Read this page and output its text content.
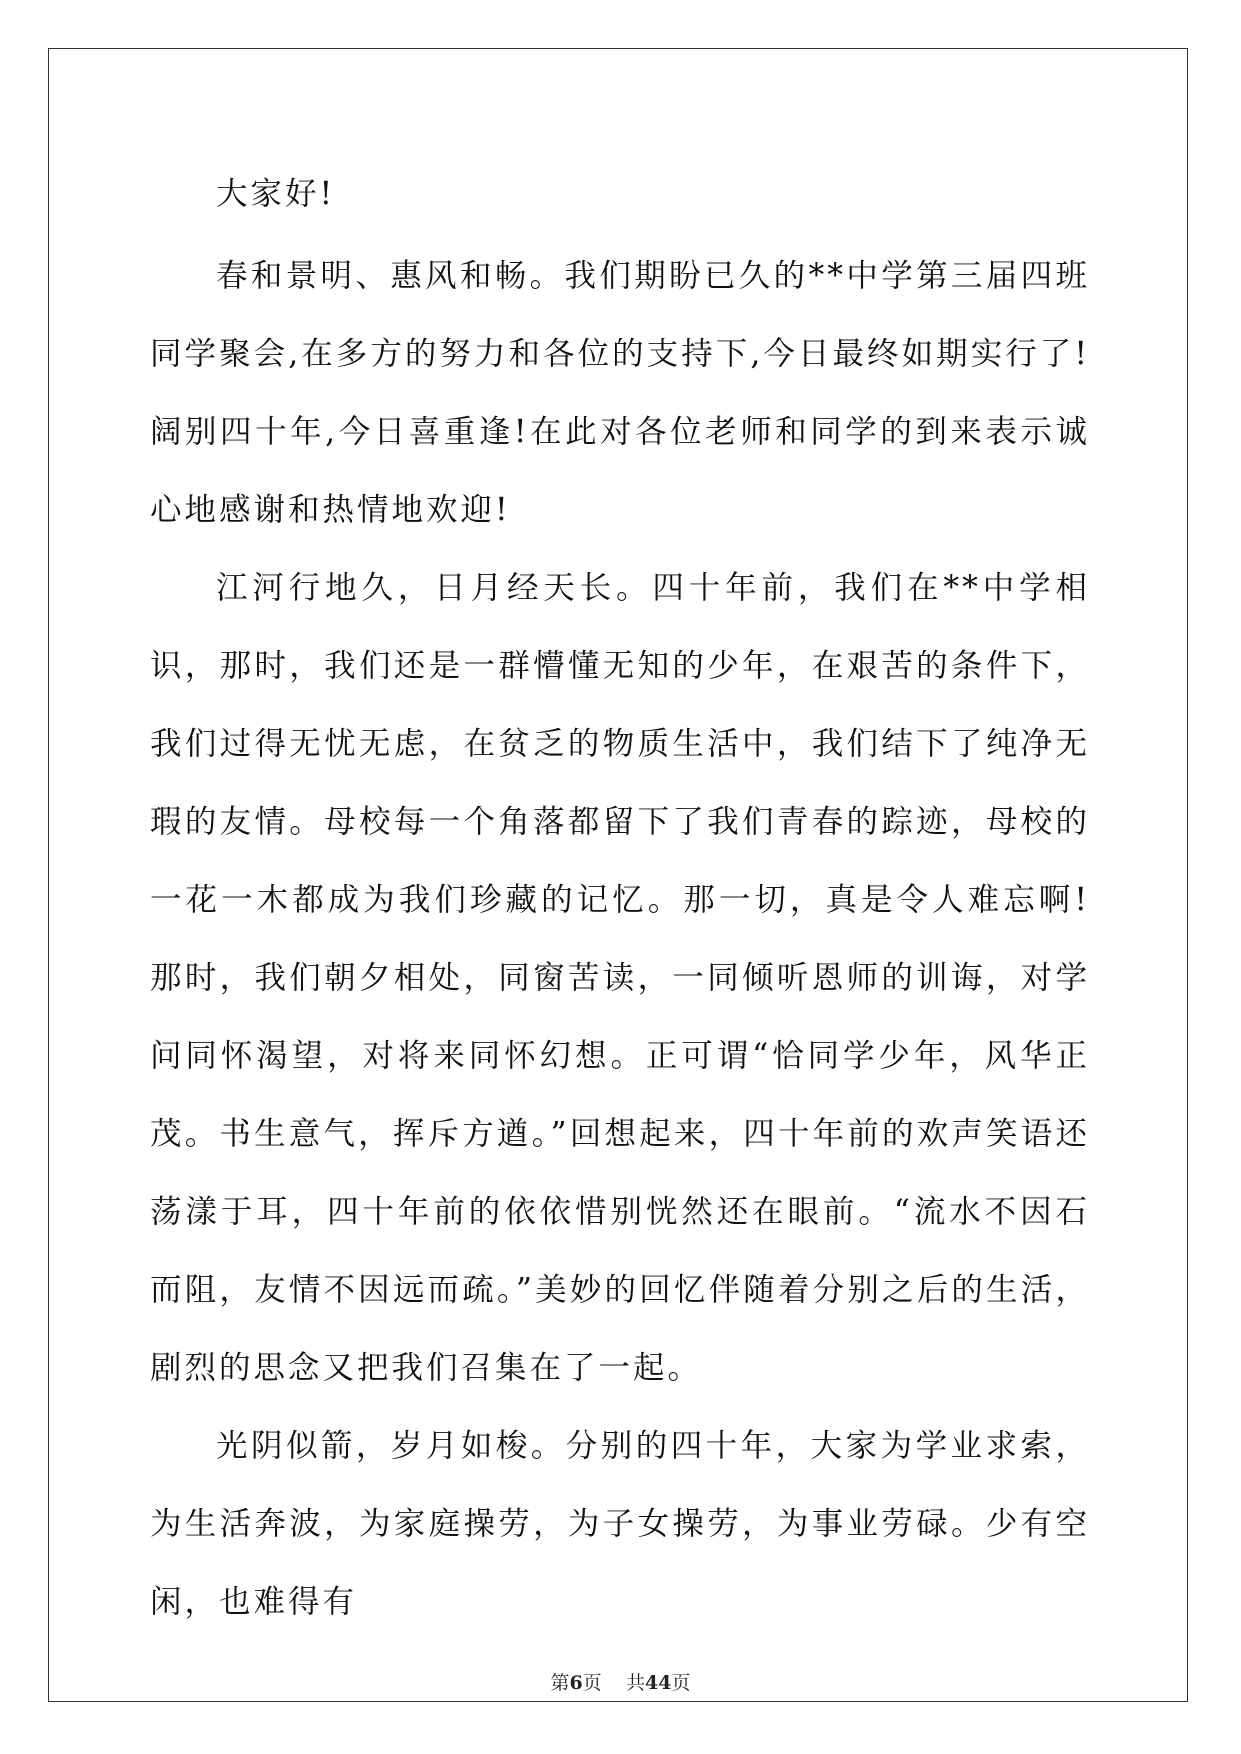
大家好!

春和景明、惠风和畅。我们期盼已久的**中学第三届四班同学聚会,在多方的努力和各位的支持下,今日最终如期实行了!阔别四十年,今日喜重逢!在此对各位老师和同学的到来表示诚心地感谢和热情地欢迎!

江河行地久，日月经天长。四十年前，我们在**中学相识，那时，我们还是一群懵懂无知的少年，在艰苦的条件下，我们过得无忧无虑，在贫乏的物质生活中，我们结下了纯净无瑕的友情。母校每一个角落都留下了我们青春的踪迹，母校的一花一木都成为我们珍藏的记忆。那一切，真是令人难忘啊!那时，我们朝夕相处，同窗苦读，一同倾听恩师的训诲，对学问同怀渴望，对将来同怀幻想。正可谓“恰同学少年，风华正茂。书生意气，挥斥方遒。”回想起来，四十年前的欢声笑语还荡漾于耳，四十年前的依依惜别恍然还在眼前。“流水不因石而阻，友情不因远而疏。”美妙的回忆伴随着分别之后的生活，剧烈的思念又把我们召集在了一起。

光阴似箭，岁月如梭。分别的四十年，大家为学业求索，为生活奔波，为家庭操劳，为子女操劳，为事业劳碌。少有空闲，也难得有

第6页 共44页
